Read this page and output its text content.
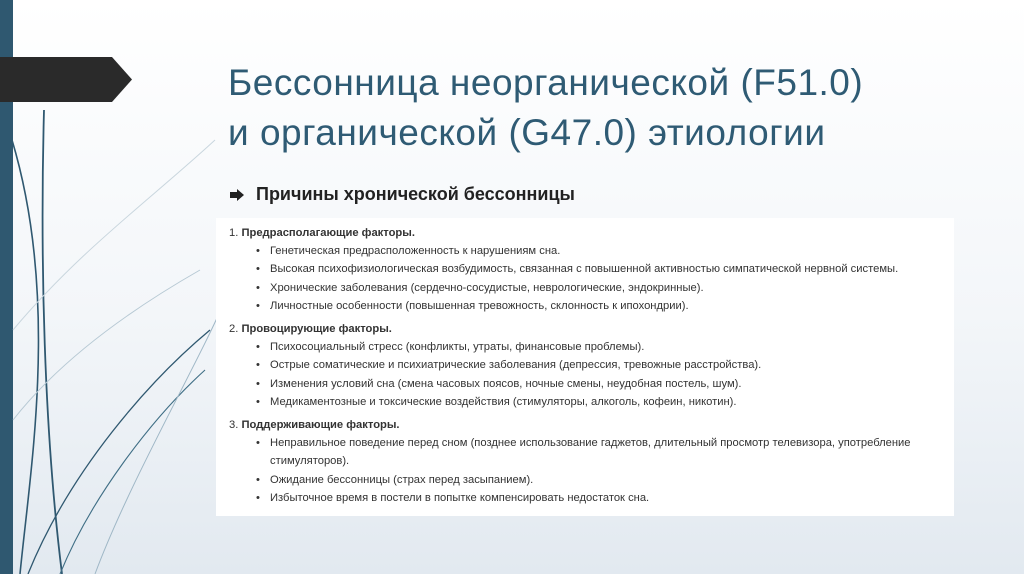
Бессонница неорганической (F51.0)
и органической (G47.0) этиологии
Причины хронической бессонницы

1. Предрасполагающие факторы.

• Генетическая предрасположенность к нарушениям сна.
• Высокая психофизиологическая возбудимость, связанная с повышенной активностью симпатической нервной системы.
• Хронические заболевания (сердечно-сосудистые, неврологические, эндокринные).
• Личностные особенности (повышенная тревожность, склонность к ипохондрии).

2. Провоцирующие факторы.

• Психосоциальный стресс (конфликты, утраты, финансовые проблемы).
• Острые соматические и психиатрические заболевания (депрессия, тревожные расстройства).
• Изменения условий сна (смена часовых поясов, ночные смены, неудобная постель, шум).
• Медикаментозные и токсические воздействия (стимуляторы, алкоголь, кофеин, никотин).

3. Поддерживающие факторы.

• Неправильное поведение перед сном (позднее использование гаджетов, длительный просмотр телевизора, употребление стимуляторов).
• Ожидание бессонницы (страх перед засыпанием).
• Избыточное время в постели в попытке компенсировать недостаток сна.
